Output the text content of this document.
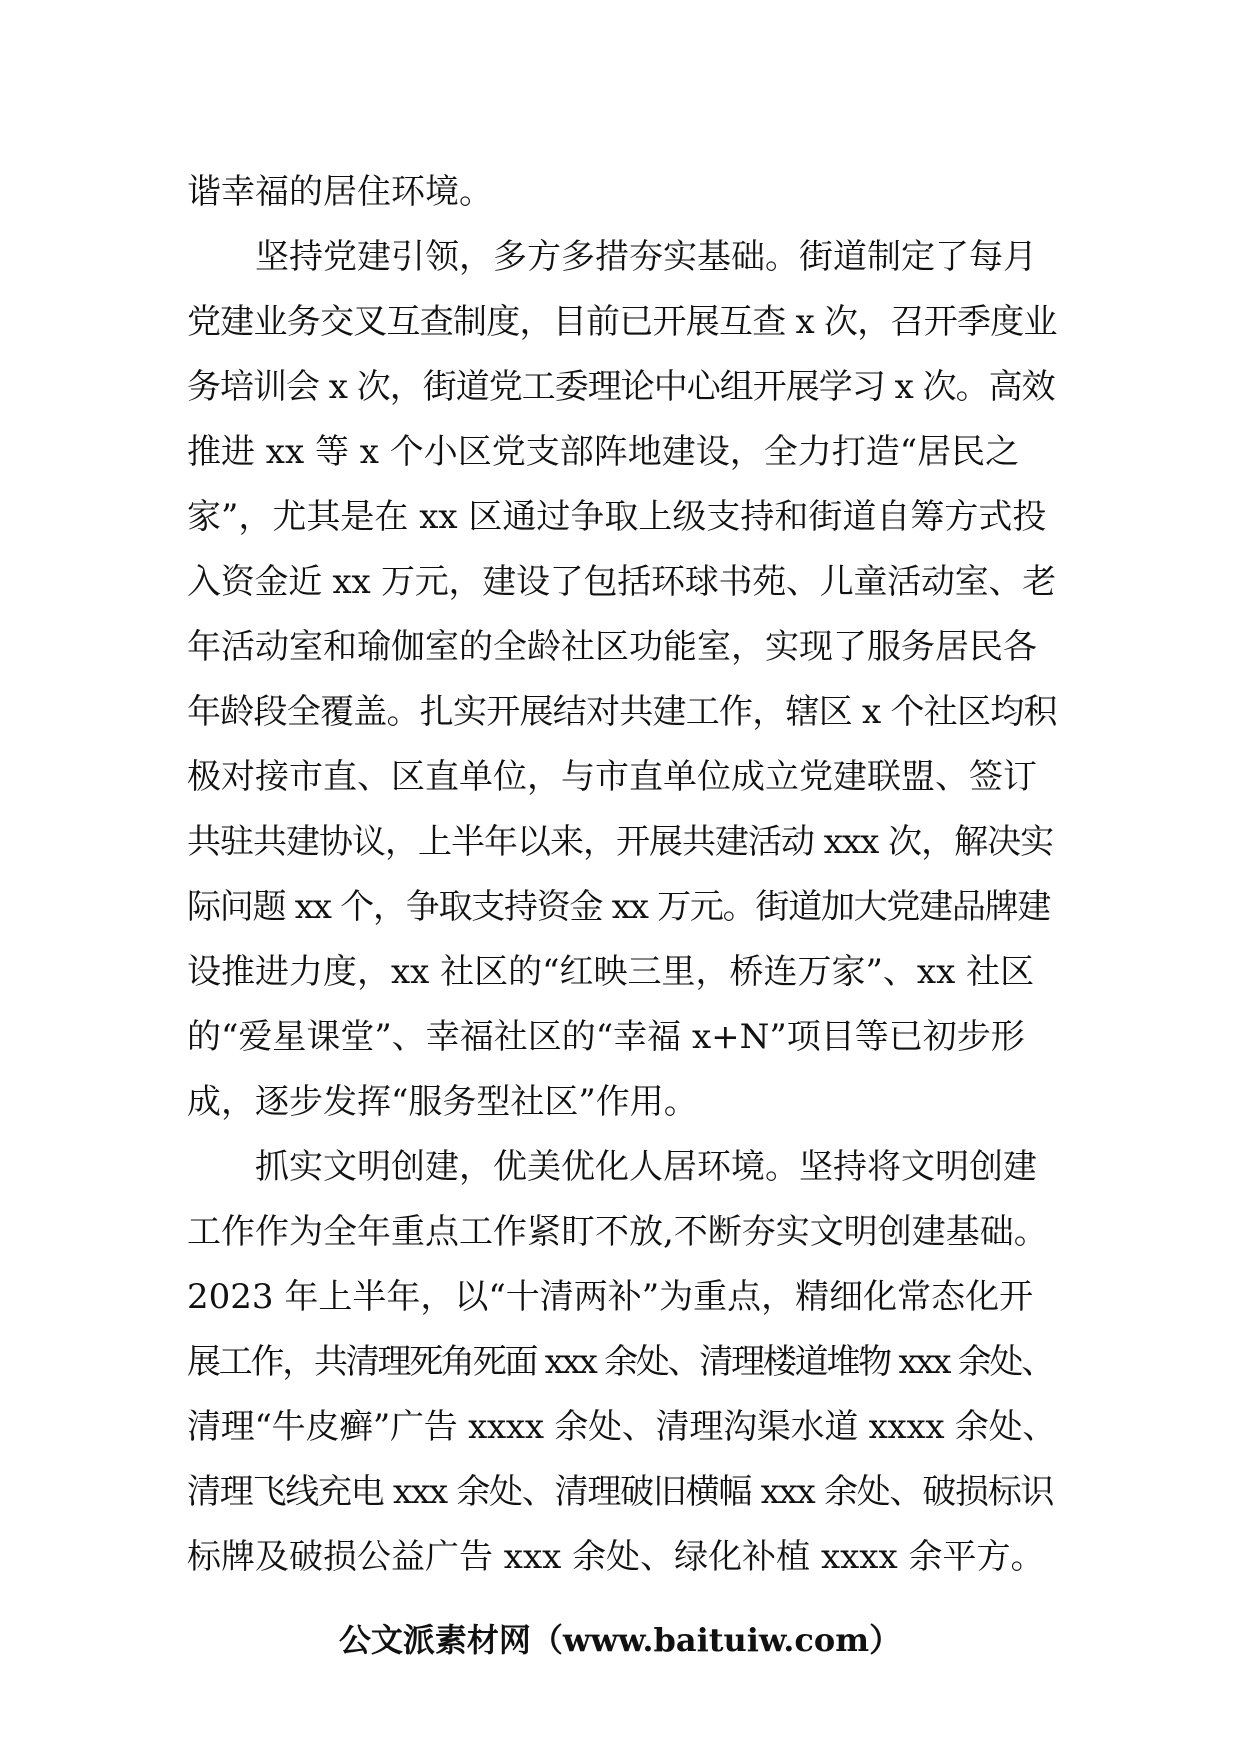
谐幸福的居住环境。
　　坚持党建引领，多方多措夯实基础。街道制定了每月
党建业务交叉互查制度，目前已开展互查 x 次，召开季度业
务培训会 x 次，街道党工委理论中心组开展学习 x 次。高效
推进 xx 等 x 个小区党支部阵地建设，全力打造“居民之
家”，尤其是在 xx 区通过争取上级支持和街道自筹方式投
入资金近 xx 万元，建设了包括环球书苑、儿童活动室、老
年活动室和瑜伽室的全龄社区功能室，实现了服务居民各
年龄段全覆盖。扎实开展结对共建工作，辖区 x 个社区均积
极对接市直、区直单位，与市直单位成立党建联盟、签订
共驻共建协议，上半年以来，开展共建活动 xxx 次，解决实
际问题 xx 个，争取支持资金 xx 万元。街道加大党建品牌建
设推进力度，xx 社区的“红映三里，桥连万家”、xx 社区
的“爱星课堂”、幸福社区的“幸福 x+N”项目等已初步形
成，逐步发挥“服务型社区”作用。
　　抓实文明创建，优美优化人居环境。坚持将文明创建
工作作为全年重点工作紧盯不放,不断夯实文明创建基础。
2023 年上半年，以“十清两补”为重点，精细化常态化开
展工作，共清理死角死面 xxx 余处、清理楼道堆物 xxx 余处、
清理“牛皮癣”广告 xxxx 余处、清理沟渠水道 xxxx 余处、
清理飞线充电 xxx 余处、清理破旧横幅 xxx 余处、破损标识
标牌及破损公益广告 xxx 余处、绿化补植 xxxx 余平方。
公文派素材网（www.baituiw.com）
